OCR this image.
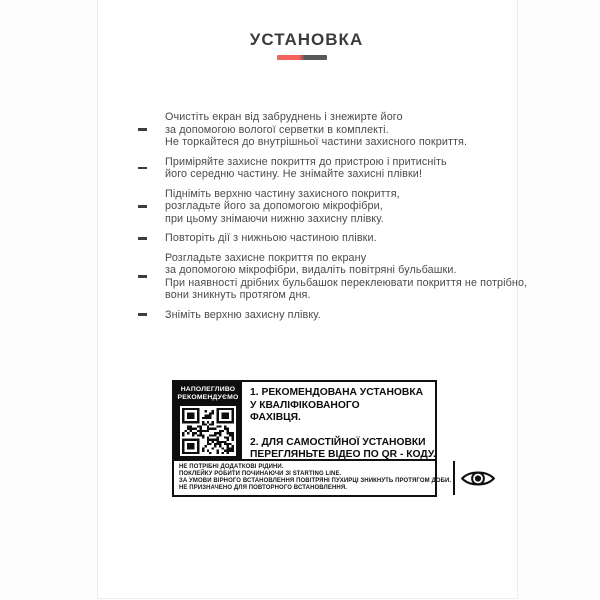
УСТАНОВКА
Очистіть екран від забруднень і знежирте його
за допомогою вологої серветки в комплекті.
Не торкайтеся до внутрішньої частини захисного покриття.
Приміряйте захисне покриття до пристрою і притисніть
його середню частину. Не знімайте захисні плівки!
Підніміть верхню частину захисного покриття,
розгладьте його за допомогою мікрофібри,
при цьому знімаючи нижню захисну плівку.
Повторіть дії з нижньою частиною плівки.
Розгладьте захисне покриття по екрану
за допомогою мікрофібри, видаліть повітряні бульбашки.
При наявності дрібних бульбашок переклеювати покриття не потрібно,
вони зникнуть протягом дня.
Зніміть верхню захисну плівку.
НАПОЛЕГЛИВО
РЕКОМЕНДУЄМО	1. РЕКОМЕНДОВАНА УСТАНОВКА
У КВАЛІФІКОВАНОГО
ФАХІВЦЯ.
2. ДЛЯ САМОСТІЙНОЇ УСТАНОВКИ
ПЕРЕГЛЯНЬТЕ ВІДЕО ПО QR - КОДУ.
НЕ ПОТРІБНІ ДОДАТКОВІ РІДИНИ.
ПОКЛЕЙКУ РОБИТИ ПОЧИНАЮЧИ ЗІ STARTING LINE.
ЗА УМОВИ ВІРНОГО ВСТАНОВЛЕННЯ ПОВІТРЯНІ ПУХИРЦІ ЗНИКНУТЬ ПРОТЯГОМ ДОБИ.
НЕ ПРИЗНАЧЕНО ДЛЯ ПОВТОРНОГО ВСТАНОВЛЕННЯ.
